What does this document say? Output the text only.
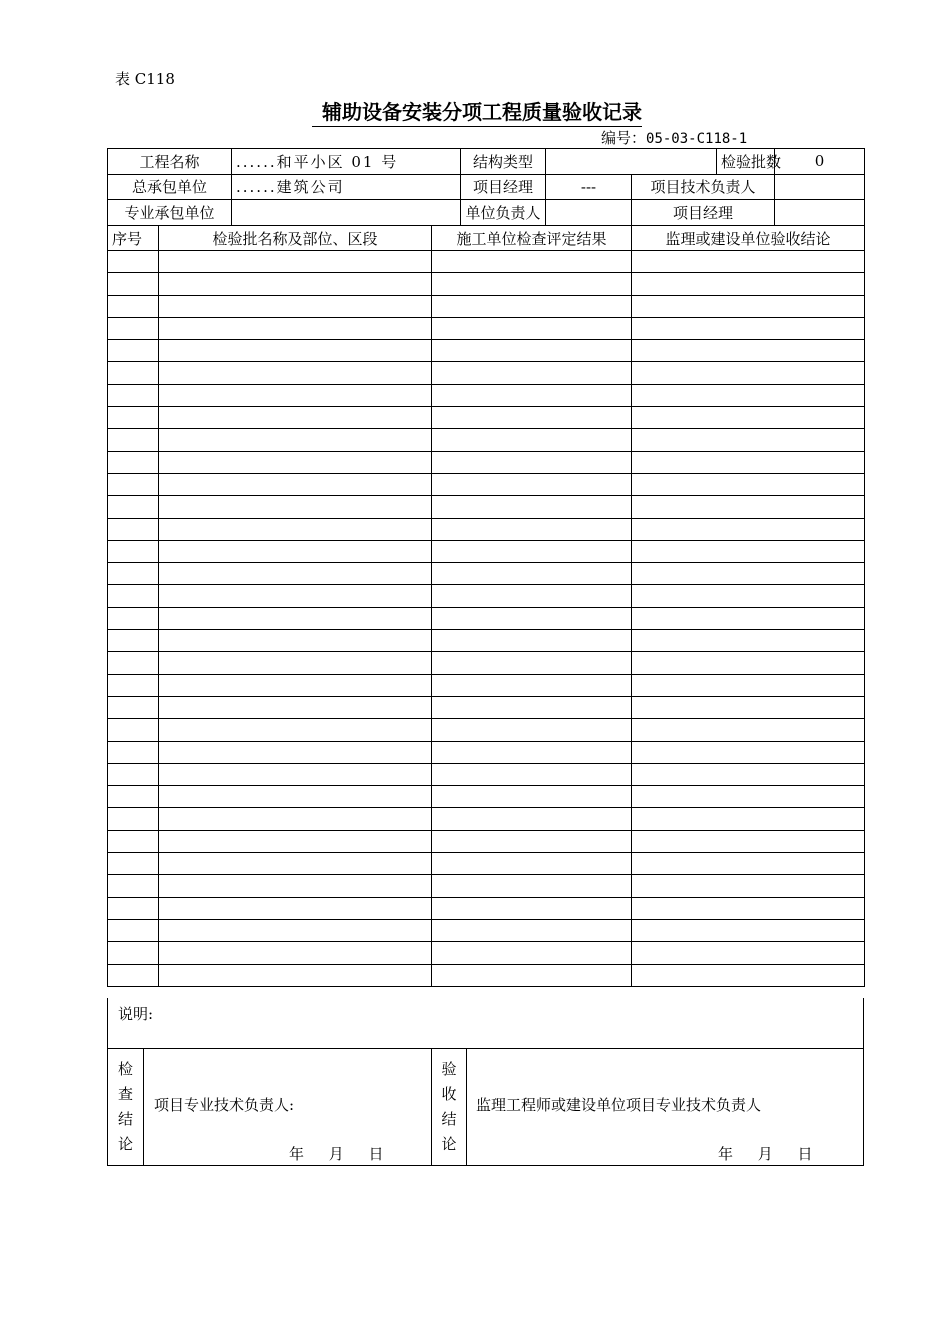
表 C118
辅助设备安装分项工程质量验收记录
编号：05-03-C118-1
工程名称	......和平小区 01 号	结构类型			检验批数	0
总承包单位	......建筑公司	项目经理	---	项目技术负责人		
专业承包单位		单位负责人		项目经理		
序号	检验批名称及部位、区段	施工单位检查评定结果	监理或建设单位验收结论

说明:
检
查
结
论
项目专业技术负责人:
年 月 日
验
收
结
论
监理工程师或建设单位项目专业技术负责人
年 月 日
